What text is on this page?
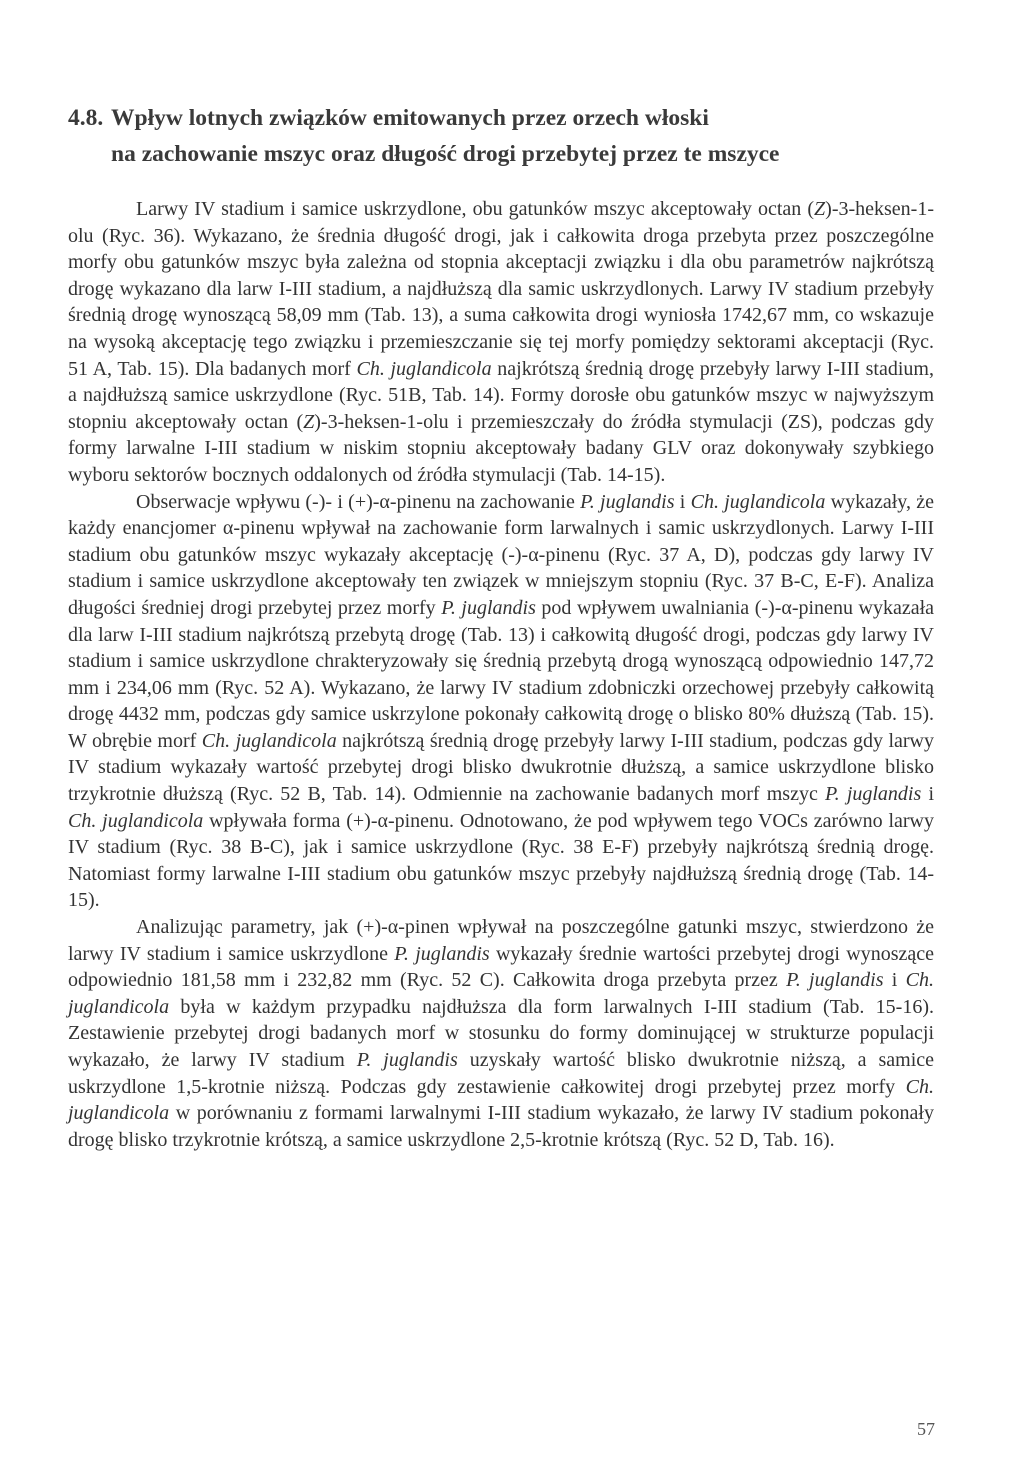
4.8. Wpływ lotnych związków emitowanych przez orzech włoski
na zachowanie mszyc oraz długość drogi przebytej przez te mszyce

Larwy IV stadium i samice uskrzydlone, obu gatunków mszyc akceptowały octan (Z)-3-heksen-1-olu (Ryc. 36). Wykazano, że średnia długość drogi, jak i całkowita droga przebyta przez poszczególne morfy obu gatunków mszyc była zależna od stopnia akceptacji związku i dla obu parametrów najkrótszą drogę wykazano dla larw I-III stadium, a najdłuższą dla samic uskrzydlonych. Larwy IV stadium przebyły średnią drogę wynoszącą 58,09 mm (Tab. 13), a suma całkowita drogi wyniosła 1742,67 mm, co wskazuje na wysoką akceptację tego związku i przemieszczanie się tej morfy pomiędzy sektorami akceptacji (Ryc. 51 A, Tab. 15). Dla badanych morf Ch. juglandicola najkrótszą średnią drogę przebyły larwy I-III stadium, a najdłuższą samice uskrzydlone (Ryc. 51B, Tab. 14). Formy dorosłe obu gatunków mszyc w najwyższym stopniu akceptowały octan (Z)-3-heksen-1-olu i przemieszczały do źródła stymulacji (ZS), podczas gdy formy larwalne I-III stadium w niskim stopniu akceptowały badany GLV oraz dokonywały szybkiego wyboru sektorów bocznych oddalonych od źródła stymulacji (Tab. 14-15).

Obserwacje wpływu (-)- i (+)-α-pinenu na zachowanie P. juglandis i Ch. juglandicola wykazały, że każdy enancjomer α-pinenu wpływał na zachowanie form larwalnych i samic uskrzydlonych. Larwy I-III stadium obu gatunków mszyc wykazały akceptację (-)-α-pinenu (Ryc. 37 A, D), podczas gdy larwy IV stadium i samice uskrzydlone akceptowały ten związek w mniejszym stopniu (Ryc. 37 B-C, E-F). Analiza długości średniej drogi przebytej przez morfy P. juglandis pod wpływem uwalniania (-)-α-pinenu wykazała dla larw I-III stadium najkrótszą przebytą drogę (Tab. 13) i całkowitą długość drogi, podczas gdy larwy IV stadium i samice uskrzydlone chrakteryzowały się średnią przebytą drogą wynoszącą odpowiednio 147,72 mm i 234,06 mm (Ryc. 52 A). Wykazano, że larwy IV stadium zdobniczki orzechowej przebyły całkowitą drogę 4432 mm, podczas gdy samice uskrzylone pokonały całkowitą drogę o blisko 80% dłuższą (Tab. 15). W obrębie morf Ch. juglandicola najkrótszą średnią drogę przebyły larwy I-III stadium, podczas gdy larwy IV stadium wykazały wartość przebytej drogi blisko dwukrotnie dłuższą, a samice uskrzydlone blisko trzykrotnie dłuższą (Ryc. 52 B, Tab. 14). Odmiennie na zachowanie badanych morf mszyc P. juglandis i Ch. juglandicola wpływała forma (+)-α-pinenu. Odnotowano, że pod wpływem tego VOCs zarówno larwy IV stadium (Ryc. 38 B-C), jak i samice uskrzydlone (Ryc. 38 E-F) przebyły najkrótszą średnią drogę. Natomiast formy larwalne I-III stadium obu gatunków mszyc przebyły najdłuższą średnią drogę (Tab. 14-15).

Analizując parametry, jak (+)-α-pinen wpływał na poszczególne gatunki mszyc, stwierdzono że larwy IV stadium i samice uskrzydlone P. juglandis wykazały średnie wartości przebytej drogi wynoszące odpowiednio 181,58 mm i 232,82 mm (Ryc. 52 C). Całkowita droga przebyta przez P. juglandis i Ch. juglandicola była w każdym przypadku najdłuższa dla form larwalnych I-III stadium (Tab. 15-16). Zestawienie przebytej drogi badanych morf w stosunku do formy dominującej w strukturze populacji wykazało, że larwy IV stadium P. juglandis uzyskały wartość blisko dwukrotnie niższą, a samice uskrzydlone 1,5-krotnie niższą. Podczas gdy zestawienie całkowitej drogi przebytej przez morfy Ch. juglandicola w porównaniu z formami larwalnymi I-III stadium wykazało, że larwy IV stadium pokonały drogę blisko trzykrotnie krótszą, a samice uskrzydlone 2,5-krotnie krótszą (Ryc. 52 D, Tab. 16).

57
